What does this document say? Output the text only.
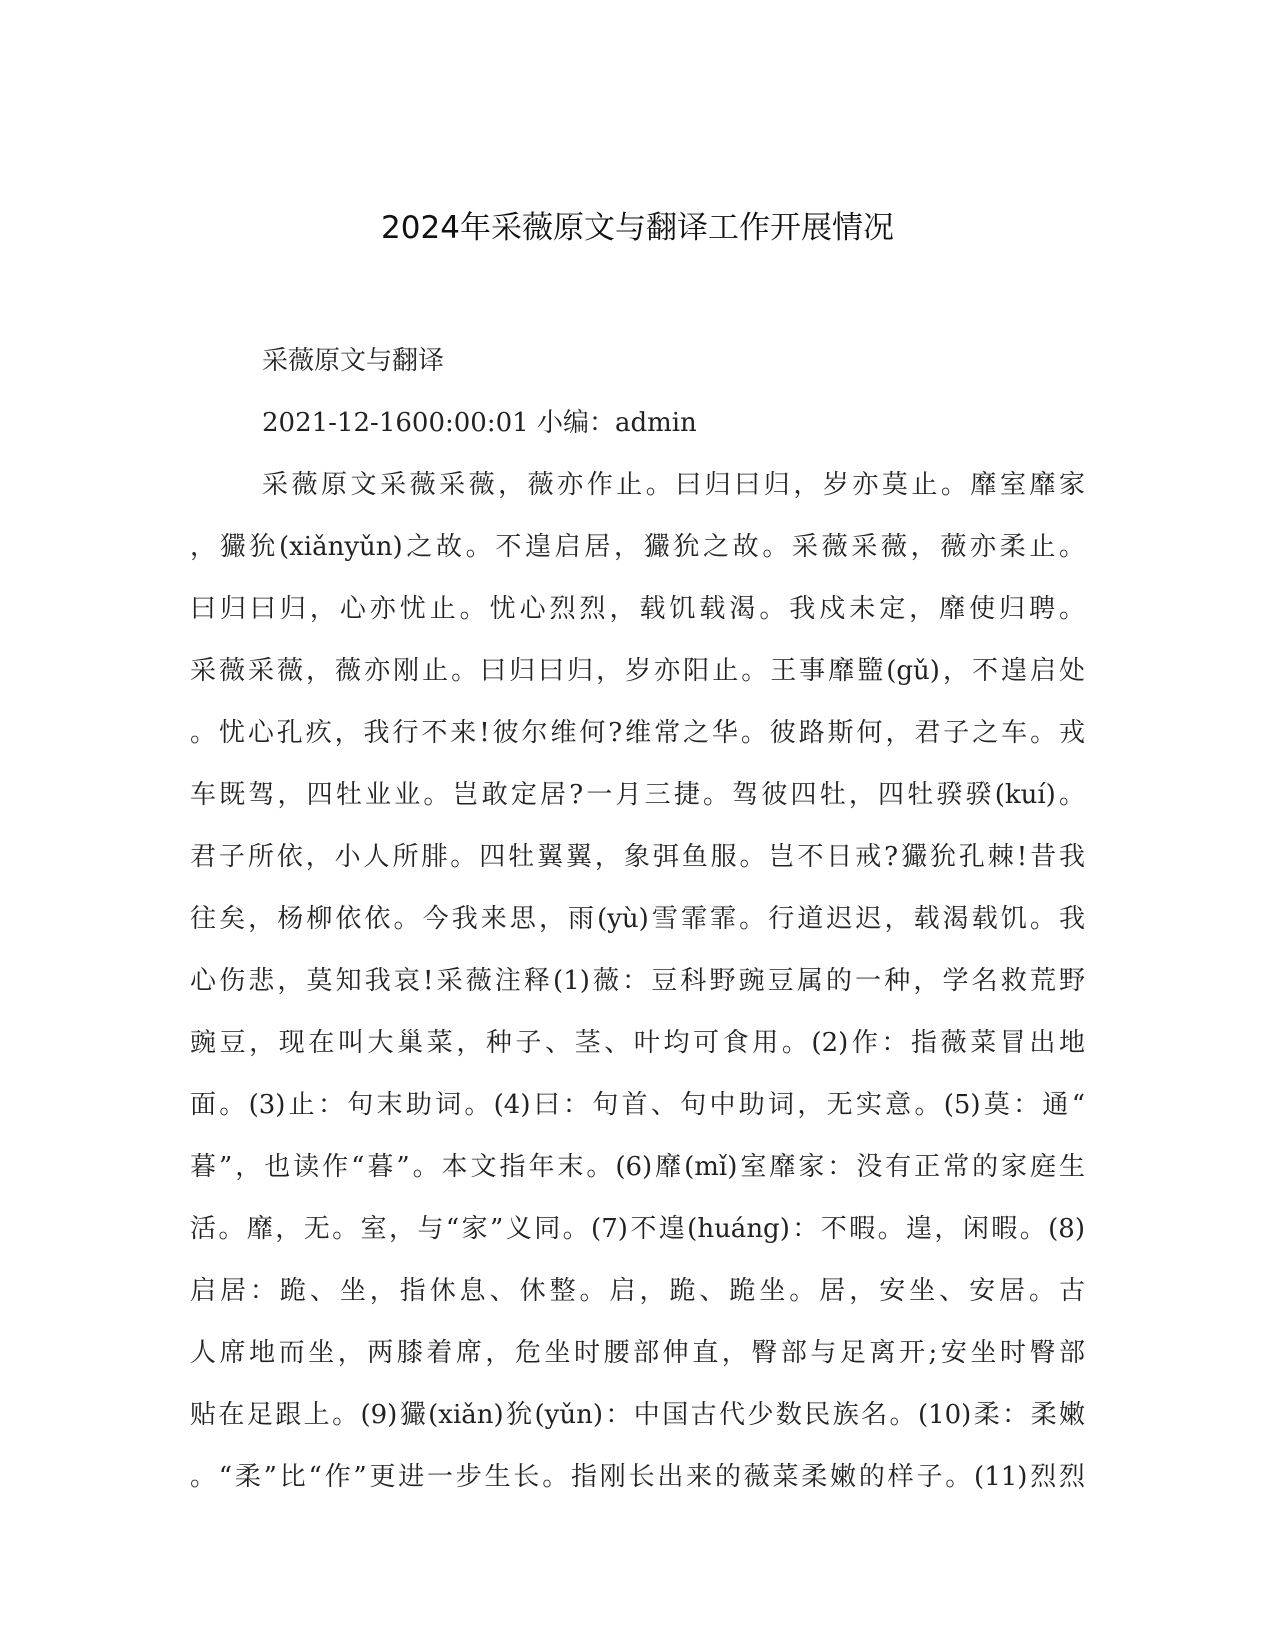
2024年采薇原文与翻译工作开展情况
采薇原文与翻译
2021-12-1600:00:01 小编：admin
采薇原文采薇采薇，薇亦作止。曰归曰归，岁亦莫止。靡室靡家
，玁狁(xiǎnyǔn)之故。不遑启居，玁狁之故。采薇采薇，薇亦柔止。
曰归曰归，心亦忧止。忧心烈烈，载饥载渴。我戍未定，靡使归聘。
采薇采薇，薇亦刚止。曰归曰归，岁亦阳止。王事靡盬(gǔ)，不遑启处
。忧心孔疚，我行不来!彼尔维何?维常之华。彼路斯何，君子之车。戎
车既驾，四牡业业。岂敢定居?一月三捷。驾彼四牡，四牡骙骙(kuí)。
君子所依，小人所腓。四牡翼翼，象弭鱼服。岂不日戒?玁狁孔棘!昔我
往矣，杨柳依依。今我来思，雨(yù)雪霏霏。行道迟迟，载渴载饥。我
心伤悲，莫知我哀!采薇注释(1)薇：豆科野豌豆属的一种，学名救荒野
豌豆，现在叫大巢菜，种子、茎、叶均可食用。(2)作：指薇菜冒出地
面。(3)止：句末助词。(4)曰：句首、句中助词，无实意。(5)莫：通“
暮”，也读作“暮”。本文指年末。(6)靡(mǐ)室靡家：没有正常的家庭生
活。靡，无。室，与“家”义同。(7)不遑(huáng)：不暇。遑，闲暇。(8)
启居：跪、坐，指休息、休整。启，跪、跪坐。居，安坐、安居。古
人席地而坐，两膝着席，危坐时腰部伸直，臀部与足离开;安坐时臀部
贴在足跟上。(9)玁(xiǎn)狁(yǔn)：中国古代少数民族名。(10)柔：柔嫩
。“柔”比“作”更进一步生长。指刚长出来的薇菜柔嫩的样子。(11)烈烈
